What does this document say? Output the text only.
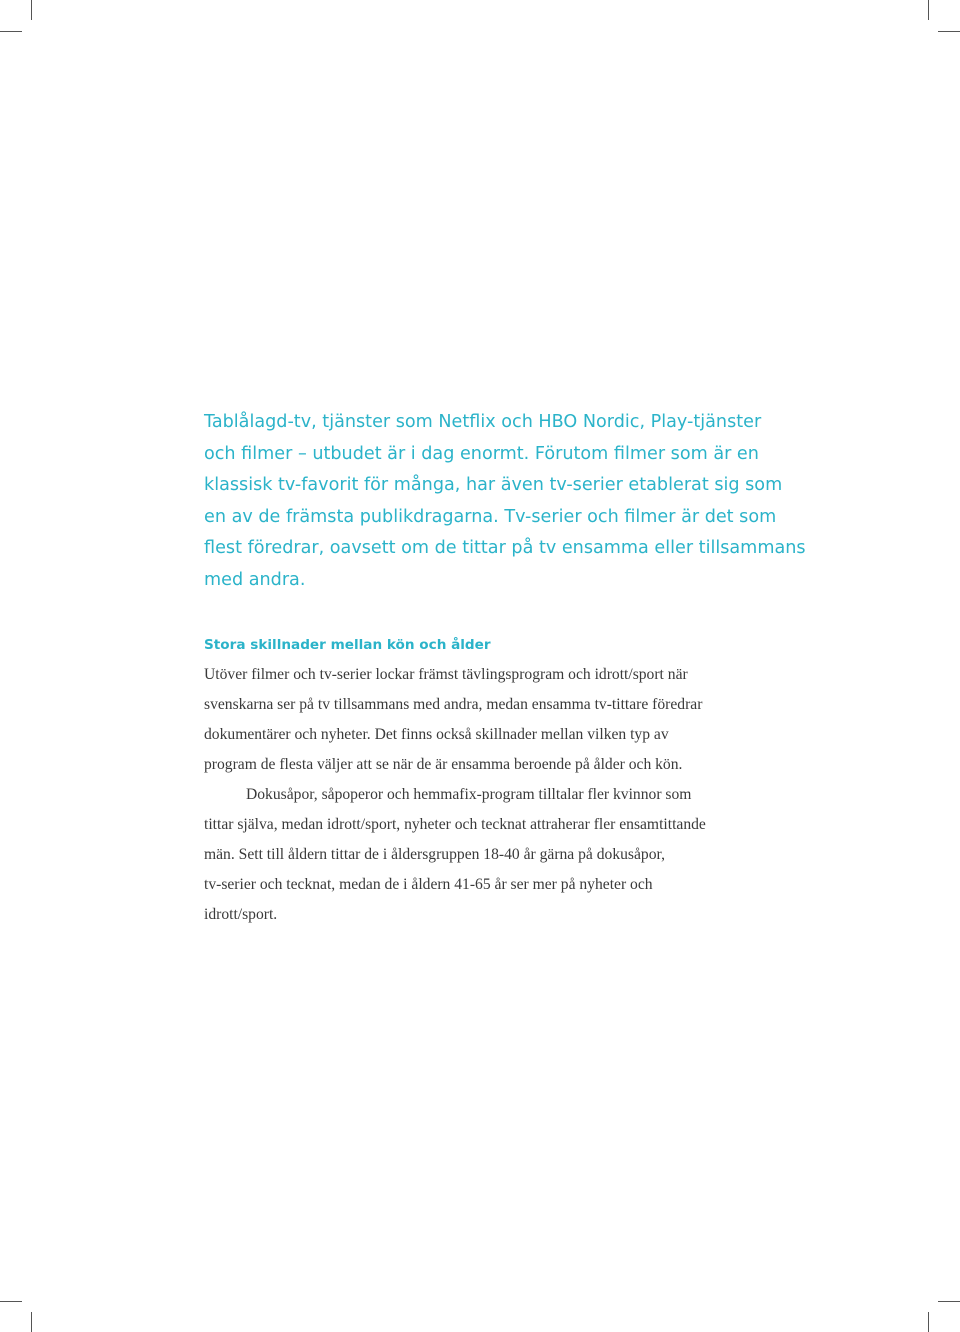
Tablålagd-tv, tjänster som Netflix och HBO Nordic, Play-tjänster
och filmer – utbudet är i dag enormt. Förutom filmer som är en
klassisk tv-favorit för många, har även tv-serier etablerat sig som
en av de främsta publikdragarna. Tv-serier och filmer är det som
flest föredrar, oavsett om de tittar på tv ensamma eller tillsammans
med andra.

Stora skillnader mellan kön och ålder
Utöver filmer och tv-serier lockar främst tävlingsprogram och idrott/sport när
svenskarna ser på tv tillsammans med andra, medan ensamma tv-tittare föredrar
dokumentärer och nyheter. Det finns också skillnader mellan vilken typ av
program de flesta väljer att se när de är ensamma beroende på ålder och kön.
Dokusåpor, såpoperor och hemmafix-program tilltalar fler kvinnor som
tittar själva, medan idrott/sport, nyheter och tecknat attraherar fler ensamtittande
män. Sett till åldern tittar de i åldersgruppen 18-40 år gärna på dokusåpor,
tv-serier och tecknat, medan de i åldern 41-65 år ser mer på nyheter och
idrott/sport.
